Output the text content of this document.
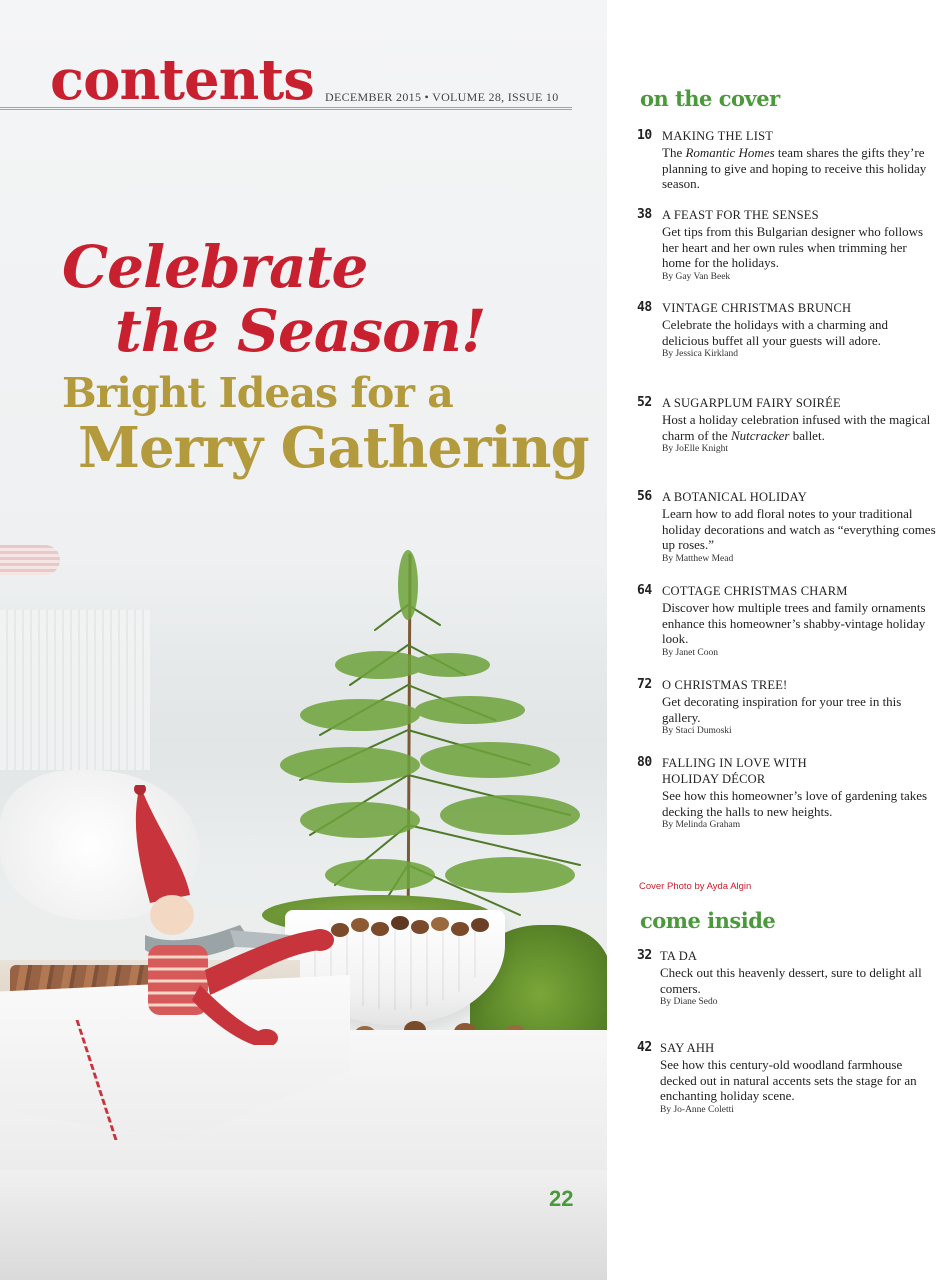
contents DECEMBER 2015 • VOLUME 28, ISSUE 10
Celebrate
the Season!
Bright Ideas for a
Merry Gathering
22
on the cover
10 MAKING THE LIST
The Romantic Homes team shares the gifts they’re planning to give and hoping to receive this holiday season.
38 A FEAST FOR THE SENSES
Get tips from this Bulgarian designer who follows her heart and her own rules when trimming her home for the holidays.
By Gay Van Beek
48 VINTAGE CHRISTMAS BRUNCH
Celebrate the holidays with a charming and delicious buffet all your guests will adore.
By Jessica Kirkland
52 A SUGARPLUM FAIRY SOIRÉE
Host a holiday celebration infused with the magical charm of the Nutcracker ballet.
By JoElle Knight
56 A BOTANICAL HOLIDAY
Learn how to add floral notes to your traditional holiday decorations and watch as “everything comes up roses.”
By Matthew Mead
64 COTTAGE CHRISTMAS CHARM
Discover how multiple trees and family ornaments enhance this homeowner’s shabby-vintage holiday look.
By Janet Coon
72 O CHRISTMAS TREE!
Get decorating inspiration for your tree in this gallery.
By Staci Dumoski
80 FALLING IN LOVE WITH HOLIDAY DÉCOR
See how this homeowner’s love of gardening takes decking the halls to new heights.
By Melinda Graham
Cover Photo by Ayda Algin
come inside
32 TA DA
Check out this heavenly dessert, sure to delight all comers.
By Diane Sedo
42 SAY AHH
See how this century-old woodland farmhouse decked out in natural accents sets the stage for an enchanting holiday scene.
By Jo-Anne Coletti
